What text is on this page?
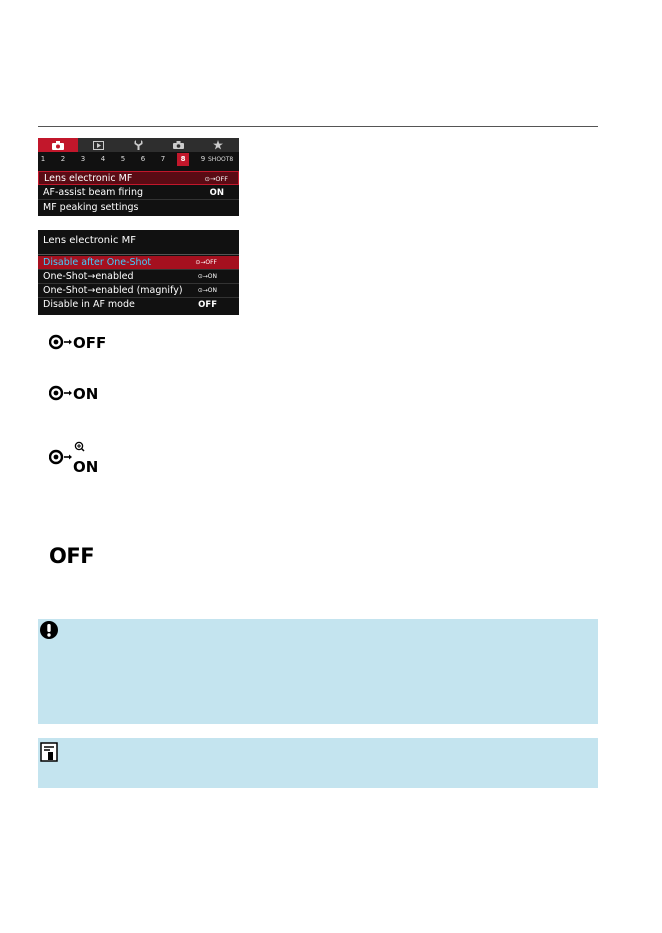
1	2	3	4	5	6	7	8	9 SHOOT8
Lens electronic MF	⊙→OFF
AF-assist beam firing	ON
MF peaking settings
Lens electronic MF
Disable after One-Shot	⊙→OFF
One-Shot→enabled	⊙→ON
One-Shot→enabled (magnify)	⊙→ON
Disable in AF mode	OFF
OFF
ON
ON
OFF
